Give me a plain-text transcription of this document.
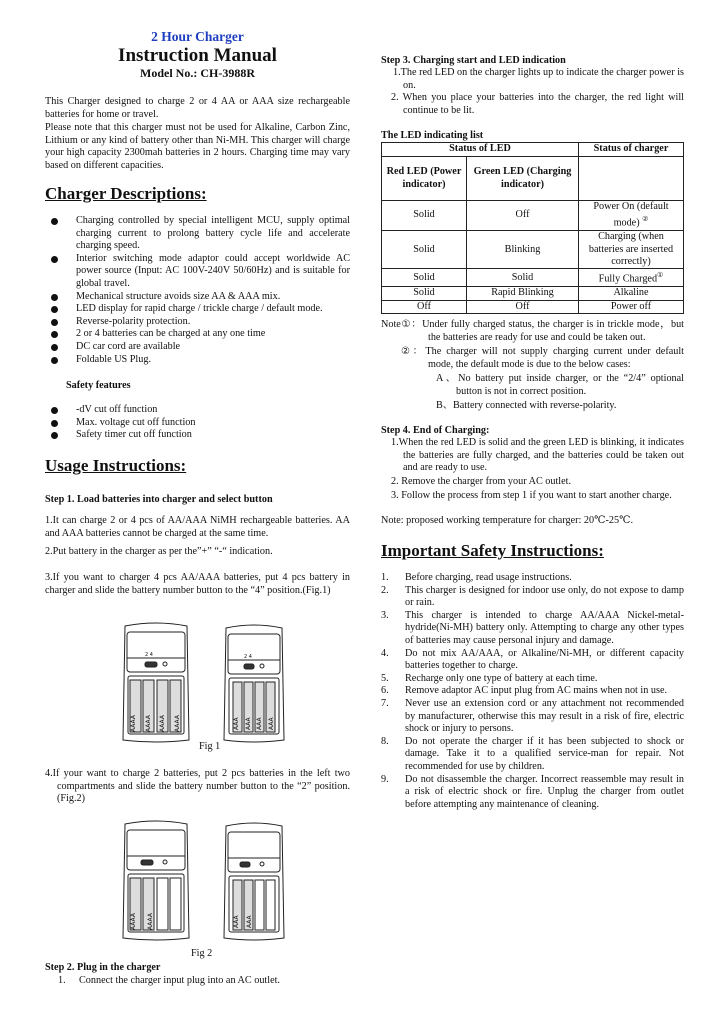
2 Hour Charger
Instruction Manual
Model No.: CH-3988R
This Charger designed to charge 2 or 4 AA or AAA size rechargeable batteries for home or travel.
Please note that this charger must not be used for Alkaline, Carbon Zinc, Lithium or any kind of battery other than Ni-MH. This charger will charge your high capacity 2300mah batteries in 2 hours. Charging time may vary based on different capacities.
Charger Descriptions:

Charging controlled by special intelligent MCU, supply optimal charging current to prolong battery cycle life and accelerate charging speed.

Interior switching mode adaptor could accept worldwide AC power source (Input: AC 100V-240V 50/60Hz) and is suitable for global travel.

Mechanical structure avoids size AA & AAA mix.

LED display for rapid charge / trickle charge / default mode.

Reverse-polarity protection.

2 or 4 batteries can be charged at any one time

DC car cord are available

Foldable US Plug.

Safety features

-dV cut off function

Max. voltage cut off function

Safety timer cut off function

Usage Instructions:
Step 1. Load batteries into charger and select button
1.It can charge 2 or 4 pcs of AA/AAA NiMH rechargeable batteries. AA and AAA batteries cannot be charged at the same time.
2.Put battery in the charger as per the”+” “-“ indication.
3.If you want to charger 4 pcs AA/AAA batteries, put 4 pcs battery in charger and slide the battery number button to the “4” position.(Fig.1)
AAAA AAAA AAAA AAAA
2 4
AAA AAA AAA AAA
2 4
Fig 1
4.If your want to charge 2 batteries, put 2 pcs batteries in the left two compartments and slide the battery number button to the “2” position.(Fig.2)
AAAA AAAA	AAA AAA
Fig 2
Step 2. Plug in the charger
1. Connect the charger input plug into an AC outlet.
Step 3. Charging start and LED indication
1.The red LED on the charger lights up to indicate the charger power is on.
2. When you place your batteries into the charger, the red light will continue to be lit.
The LED indicating list
Status of LED		Status of charger
Red LED (Power indicator)	Green LED (Charging indicator)	
Solid	Off	Power On (default mode) ②
Solid	Blinking	Charging (when batteries are inserted correctly)
Solid	Solid	Fully Charged①
Solid	Rapid Blinking	Alkaline
Off	Off	Power off
Note①：Under fully charged status, the charger is in trickle mode，but the batteries are ready for use and could be taken out.
②：The charger will not supply charging current under default mode, the default mode is due to the below cases:
A、No battery put inside charger, or the “2/4” optional button is not in correct position.
B、Battery connected with reverse-polarity.
Step 4. End of Charging:
1.When the red LED is solid and the green LED is blinking, it indicates the batteries are fully charged, and the batteries could be taken out and are ready to use.
2. Remove the charger from your AC outlet.
3. Follow the process from step 1 if you want to start another charge.
Note: proposed working temperature for charger: 20℃-25℃.
Important Safety Instructions:
1. Before charging, read usage instructions.
2. This charger is designed for indoor use only, do not expose to damp or rain.
3. This charger is intended to charge AA/AAA Nickel-metal-hydride(Ni-MH) battery only. Attempting to charge any other types of batteries may cause personal injury and damage.
4. Do not mix AA/AAA, or Alkaline/Ni-MH, or different capacity batteries together to charge.
5. Recharge only one type of battery at each time.
6. Remove adaptor AC input plug from AC mains when not in use.
7. Never use an extension cord or any attachment not recommended by manufacturer, otherwise this may result in a risk of fire, electric shock or injury to persons.
8. Do not operate the charger if it has been subjected to shock or damage. Take it to a qualified service-man for repair. Not recommended for use by children.
9. Do not disassemble the charger. Incorrect reassemble may result in a risk of electric shock or fire. Unplug the charger from outlet before attempting any maintenance of cleaning.
